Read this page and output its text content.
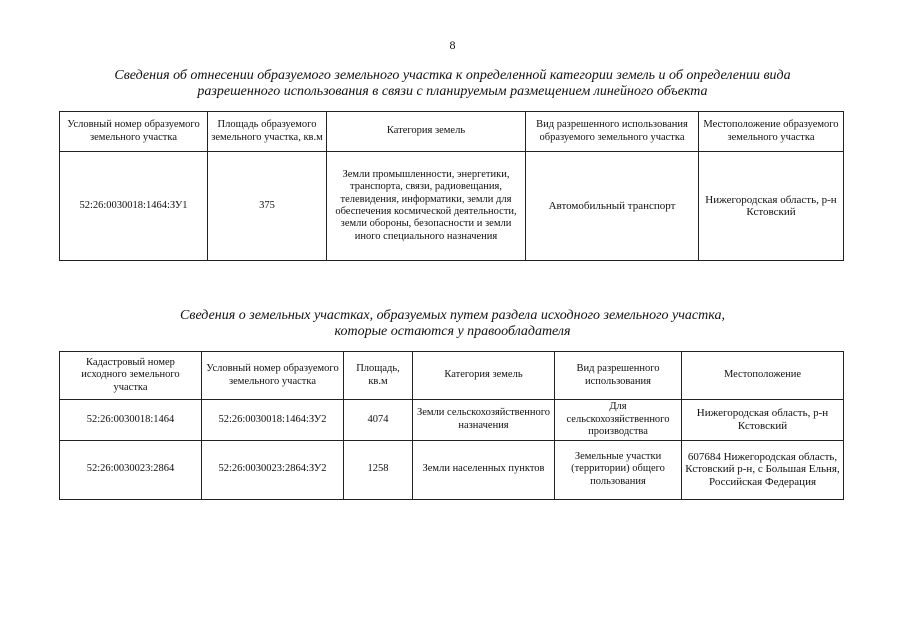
8
Сведения об отнесении образуемого земельного участка к определенной категории земель и об определении вида
разрешенного использования в связи с планируемым размещением линейного объекта
Условный номер образуемого земельного участка	Площадь образуемого земельного участка, кв.м	Категория земель	Вид разрешенного использования образуемого земельного участка	Местоположение образуемого земельного участка
52:26:0030018:1464:ЗУ1	375	Земли промышленности, энергетики, транспорта, связи, радиовещания, телевидения, информатики, земли для обеспечения космической деятельности, земли обороны, безопасности и земли иного специального назначения	Автомобильный транспорт	Нижегородская область, р-н Кстовский
Сведения о земельных участках, образуемых путем раздела исходного земельного участка,
которые остаются у правообладателя
Кадастровый номер исходного земельного участка	Условный номер образуемого земельного участка	Площадь, кв.м	Категория земель	Вид разрешенного использования	Местоположение
52:26:0030018:1464	52:26:0030018:1464:ЗУ2	4074	Земли сельскохозяйственного назначения	Для сельскохозяйственного производства	Нижегородская область, р-н Кстовский
52:26:0030023:2864	52:26:0030023:2864:ЗУ2	1258	Земли населенных пунктов	Земельные участки (территории) общего пользования	607684 Нижегородская область, Кстовский р-н, с Большая Ельня, Российская Федерация
